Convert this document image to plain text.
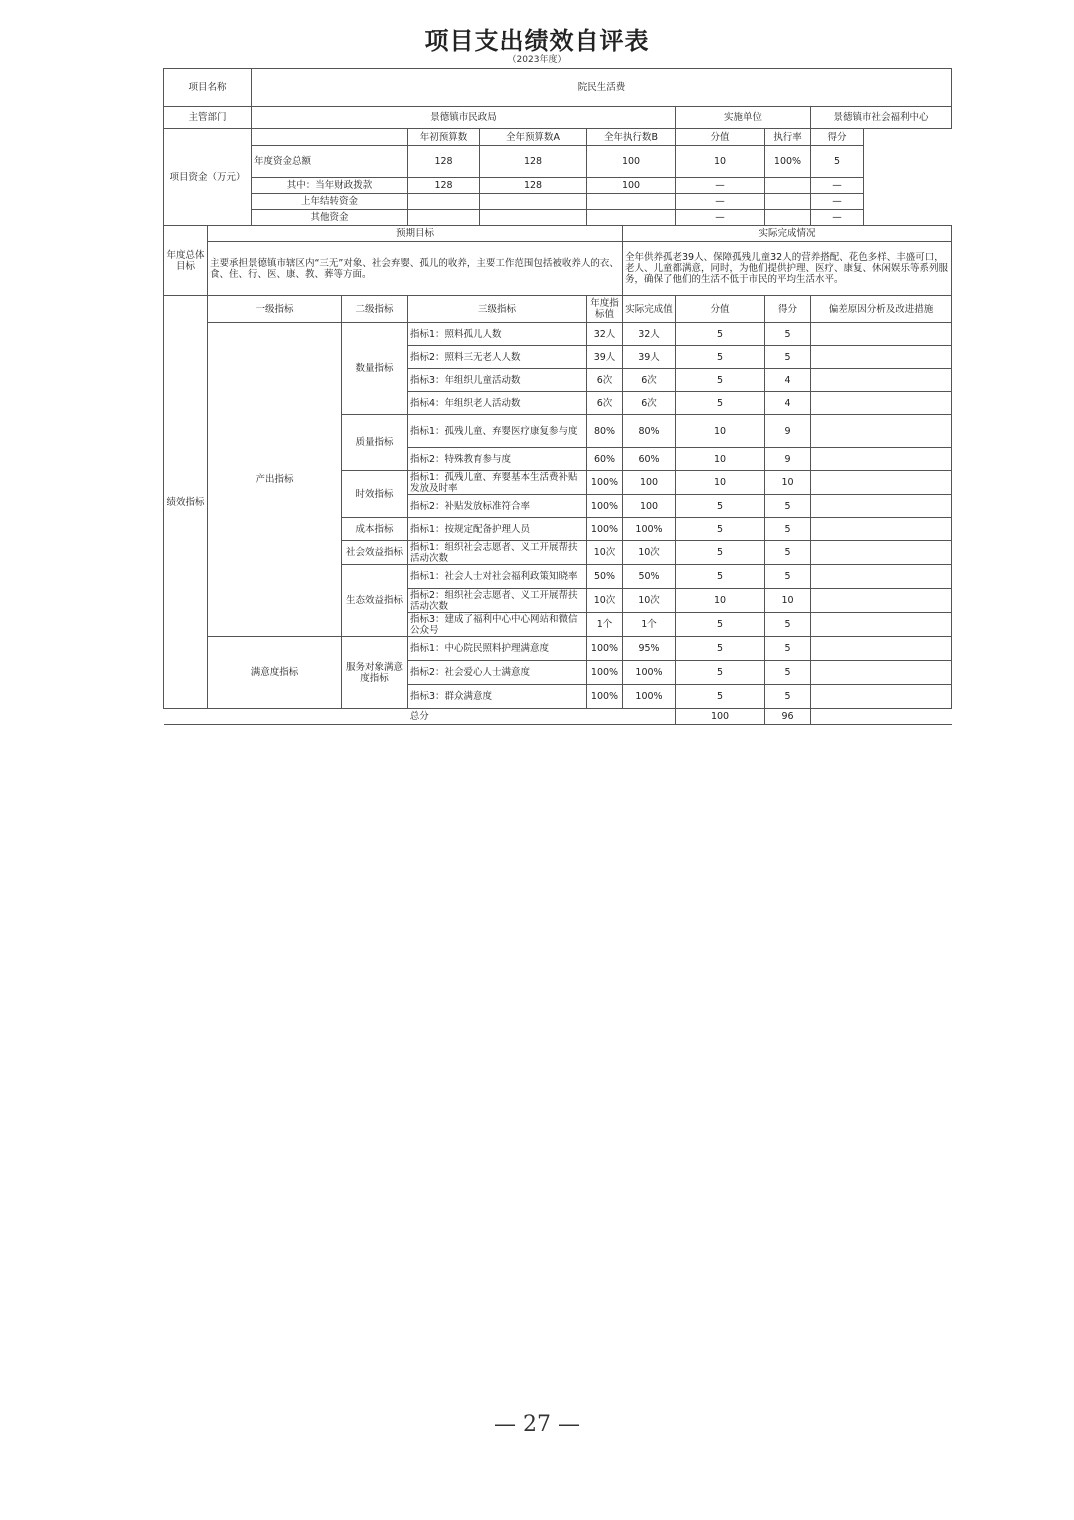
项目支出绩效自评表
（2023年度）
项目名称		院民生活费								
主管部门		景德镇市民政局						实施单位		景德镇市社会福利中心
项目资金（万元）				年初预算数	全年预算数A	全年执行数B		分值	执行率	得分
		年度资金总额		128	128	100		10	100%	5
		其中：当年财政拨款		128	128	100		—		—
		上年结转资金						—		—
		其他资金						—		—
年度总体目标	预期目标						实际完成情况			
	主要承担景德镇市辖区内“三无”对象、社会弃婴、孤儿的收养，主要工作范围包括被收养人的衣、食、住、行、医、康、教、葬等方面。						全年供养孤老39人、保障孤残儿童32人的营养搭配、花色多样、丰盛可口，老人、儿童都满意，同时，为他们提供护理、医疗、康复、休闲娱乐等系列服务，确保了他们的生活不低于市民的平均生活水平。			
绩效指标	一级指标		二级指标	三级指标		年度指标值	实际完成值	分值	得分	偏差原因分析及改进措施
	产出指标		数量指标	指标1：照料孤儿人数		32人	32人	5	5	
				指标2：照料三无老人人数		39人	39人	5	5	
				指标3：年组织儿童活动数		6次	6次	5	4	
				指标4：年组织老人活动数		6次	6次	5	4	
			质量指标	指标1：孤残儿童、弃婴医疗康复参与度		80%	80%	10	9	
				指标2：特殊教育参与度		60%	60%	10	9	
			时效指标	指标1：孤残儿童、弃婴基本生活费补贴发放及时率		100%	100	10	10	
				指标2：补贴发放标准符合率		100%	100	5	5	
			成本指标	指标1：按规定配备护理人员		100%	100%	5	5	
			社会效益指标	指标1：组织社会志愿者、义工开展帮扶活动次数		10次	10次	5	5	
			生态效益指标	指标1：社会人士对社会福利政策知晓率		50%	50%	5	5	
				指标2：组织社会志愿者、义工开展帮扶活动次数		10次	10次	10	10	
				指标3：建成了福利中心中心网站和微信公众号		1个	1个	5	5	
	满意度指标		服务对象满意度指标	指标1：中心院民照料护理满意度		100%	95%	5	5	
				指标2：社会爱心人士满意度		100%	100%	5	5	
				指标3：群众满意度		100%	100%	5	5	
总分								100	96	
— 27 —
